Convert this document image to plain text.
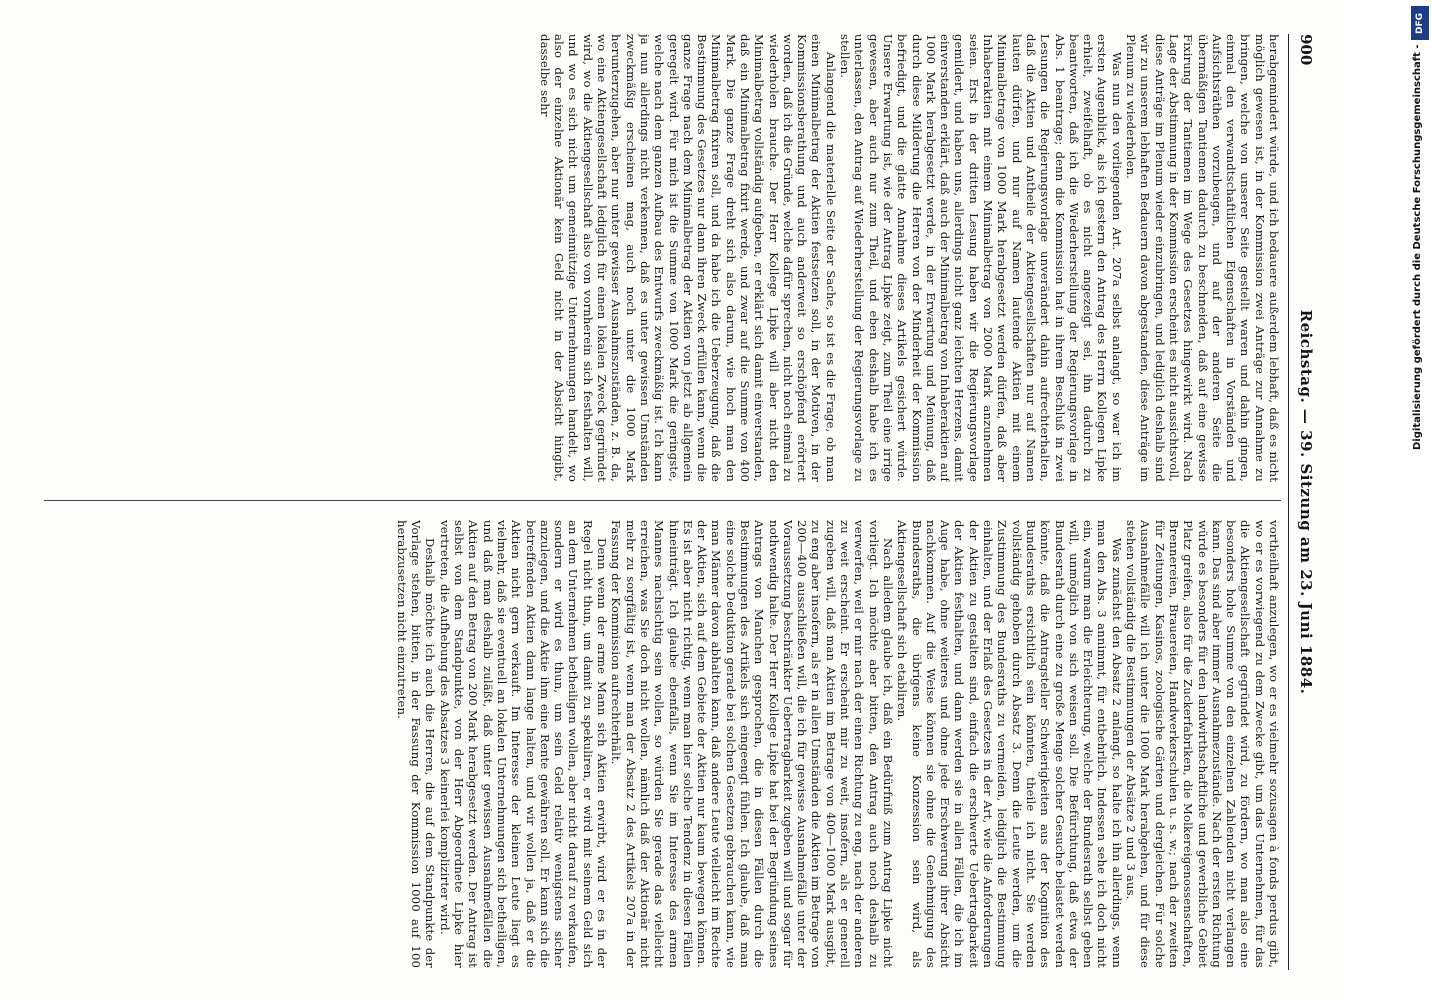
900
Reichstag. — 39. Sitzung am 23. Juni 1884.

herabgemindert würde, und ich bedauere außerdem lebhaft, daß es nicht möglich gewesen ist, in der Kommission zwei Anträge zur Annahme zu bringen, welche von unserer Seite gestellt waren und dahin gingen, einmal den verwandtschaftlichen Eigenschaften in Vorständen und Aufsichtsräthen vorzubeugen, und auf der anderen Seite die übermäßigen Tantiemen dadurch zu beschneiden, daß auf eine gewisse Fixirung der Tantiemen im Wege des Gesetzes hingewirkt wird. Nach Lage der Abstimmung in der Kommission erscheint es nicht aussichtsvoll, diese Anträge im Plenum wieder einzubringen, und lediglich deshalb sind wir zu unserem lebhaften Bedauern davon abgestanden, diese Anträge im Plenum zu wiederholen.

Was nun den vorliegenden Art. 207a selbst anlangt, so war ich im ersten Augenblick, als ich gestern den Antrag des Herrn Kollegen Lipke erhielt, zweifelhaft, ob es nicht angezeigt sei, ihn dadurch zu beantworten, daß ich die Wiederherstellung der Regierungsvorlage in Abs. 1 beantrage; denn die Kommission hat in ihrem Beschluß in zwei Lesungen die Regierungsvorlage unverändert dahin aufrechterhalten, daß die Aktien und Antheile der Aktiengesellschaften nur auf Namen lauten dürfen, und nur auf Namen lautende Aktien mit einem Minimalbetrage von 1000 Mark herabgesetzt werden dürfen, daß aber Inhaberaktien mit einem Minimalbetrag von 2000 Mark anzunehmen seien. Erst in der dritten Lesung haben wir die Regierungsvorlage gemildert, und haben uns, allerdings nicht ganz leichten Herzens, damit einverstanden erklärt, daß auch der Minimalbetrag von Inhaberaktien auf 1000 Mark herabgesetzt werde, in der Erwartung und Meinung, daß durch diese Milderung die Herren von der Minderheit der Kommission befriedigt, und die glatte Annahme dieses Artikels gesichert würde. Unsere Erwartung ist, wie der Antrag Lipke zeigt, zum Theil eine irrige gewesen, aber auch nur zum Theil, und eben deshalb habe ich es unterlassen, den Antrag auf Wiederherstellung der Regierungsvorlage zu stellen.

Anlangend die materielle Seite der Sache, so ist es die Frage, ob man einen Minimalbetrag der Aktien festsetzen soll, in der Motiven, in der Kommissionsberathung und auch anderweit so erschöpfend erörtert worden, daß ich die Gründe, welche dafür sprechen, nicht noch einmal zu wiederholen brauche. Der Herr Kollege Lipke will aber nicht den Minimalbetrag vollständig aufgeben, er erklärt sich damit einverstanden, daß ein Minimalbetrag fixirt werde, und zwar auf die Summe von 400 Mark. Die ganze Frage dreht sich also darum, wie hoch man den Minimalbetrag fixiren soll, und da habe ich die Ueberzeugung, daß die Bestimmung des Gesetzes nur dann ihren Zweck erfüllen kann, wenn die ganze Frage nach dem Minimalbetrag der Aktien von jetzt ab allgemein geregelt wird. Für mich ist die Summe von 1000 Mark die geringste, welche nach dem ganzen Aufbau des Entwurfs zweckmäßig ist. Ich kann ja nun allerdings nicht verkennen, daß es unter gewissen Umständen zweckmäßig erscheinen mag, auch noch unter die 1000 Mark herunterzugehen, aber nur unter gewisser Ausnahmszuständen, z. B. da, wo eine Aktiengesellschaft lediglich für einen lokalen Zweck gegründet wird, wo die Aktiengesellschaft also von vornherein sich festhalten will, und wo es sich nicht um gemeinnützige Unternehmungen handelt, wo also der einzelne Aktionär kein Geld nicht in der Absicht hingibt, dasselbe sehr

vortheilhaft anzulegen, wo er es vielmehr sozusagen à fonds perdus gibt, wo er es vorwiegend zu dem Zwecke gibt, um das Unternehmen, für das die Aktiengesellschaft gegründet wird, zu fördern, wo man also eine besonders hohe Summe von den einzelnen Zahlenden nicht verlangen kann. Das sind aber immer Ausnahmezustände. Nach der ersten Richtung würde es besonders für den landwirthschaftliche und gewerbliche Gebiet Platz greifen, also für die Zuckerfabriken, die Molkereigenossenschaften, Brennereien, Brauereien, Handwerkerschulen u. s. w.; nach der zweiten für Zeitungen, Kasinos, zoologische Gärten und dergleichen. Für solche Ausnahmefälle will ich unter die 1000 Mark herabgehen, und für diese stehen vollständig die Bestimmungen der Absätze 2 und 3 aus.

Was zunächst den Absatz 2 anlangt, so halte ich ihn allerdings, wenn man den Abs. 3 annimmt, für entbehrlich. Indessen sehe ich doch nicht ein, warum man die Erleichterung, welche der Bundesrath selbst geben will, unmöglich von sich weisen soll. Die Befürchtung, daß etwa der Bundesrath durch eine zu große Menge solcher Gesuche belastet werden könnte, daß die Antragsteller Schwierigkeiten aus der Kognition des Bundesraths ersichtlich sein könnten, theile ich nicht. Sie werden vollständig gehoben durch Absatz 3. Denn die Leute werden, um die Zustimmung des Bundesraths zu vermeiden, lediglich die Bestimmung einhalten, und der Erlaß des Gesetzes in der Art, wie die Anforderungen der Aktien zu gestalten sind, einfach die erschwerte Uebertragbarkeit der Aktien festhalten, und dann werden sie in allen Fällen, die ich im Auge habe, ohne weiteres und ohne jede Erschwerung ihrer Absicht nachkommen. Auf die Weise können sie ohne die Genehmigung des Bundesraths, die übrigens keine Konzession sein wird, als Aktiengesellschaft sich etabliren.

Nach alledem glaube ich, daß ein Bedürfniß zum Antrag Lipke nicht vorliegt. Ich möchte aber bitten, den Antrag auch noch deshalb zu verwerfen, weil er mir nach der einen Richtung zu eng, nach der anderen zu weit erscheint. Er erscheint mir zu weit, insofern, als er generell zugeben will, daß man Aktien im Betrage von 400—1000 Mark ausgibt, zu eng aber insofern, als er in allen Umständen die Aktien im Betrage von 200—400 ausschließen will, die ich für gewisse Ausnahmefälle unter der Voraussetzung beschränkter Uebertragbarkeit zugeben will und sogar für nothwendig halte. Der Herr Kollege Lipke hat bei der Begründung seines Antrags von Manchen gesprochen, die in diesen Fällen durch die Bestimmungen des Artikels sich eingeengt fühlen. Ich glaube, daß man eine solche Deduktion gerade bei solchen Gesetzen gebrauchen kann, wie man Männer davon abhalten kann, daß andere Leute vielleicht im Rechte der Aktien, sich auf dem Gebiete der Aktien nur kaum bewegen können. Es ist aber nicht richtig, wenn man hier solche Tendenz in diesen Fällen hineinträgt. Ich glaube ebenfalls, wenn Sie im Interesse des armen Mannes nachsichtig sein wollen, so würden Sie gerade das vielleicht erreichen, was Sie doch nicht wollen, nämlich daß der Aktionär nicht mehr zu sorgfältig ist, wenn man der Absatz 2 des Artikels 207a in der Fassung der Kommission aufrechterhält.

Denn wenn der arme Mann sich Aktien erwirbt, wird er es in der Regel nicht thun, um damit zu spekuliren, er wird mit seinem Geld sich an dem Unternehmen betheiligen wollen, aber nicht darauf zu verkaufen, sondern er wird es thun, um sein Geld relativ wenigstens sicher anzulegen, und die Aktie ihm eine Rente gewähren soll. Er kann sich die betreffenden Aktien dann lange halten, und wir wollen ja, daß er die Aktien nicht gern verkauft. Im Interesse der kleinen Leute liegt es vielmehr, daß sie eventuell an lokalen Unternehmungen sich betheiligen, und daß man deshalb zuläßt, daß unter gewissen Ausnahmefällen die Aktien auf den Betrag von 200 Mark herabgesetzt werden. Der Antrag ist selbst von dem Standpunkte, von der Herr Abgeordnete Lipke hier vertreten, die Aufhebung des Absatzes 3 keinerlei komplizirter wird.

Deshalb möchte ich auch die Herren, die auf dem Standpunkte der Vorlage stehen, bitten, in der Fassung der Kommission 1000 auf 100 herabzusetzen nicht einzutreten.

DFG
Digitalisierung gefördert durch die Deutsche Forschungsgemeinschaft -
